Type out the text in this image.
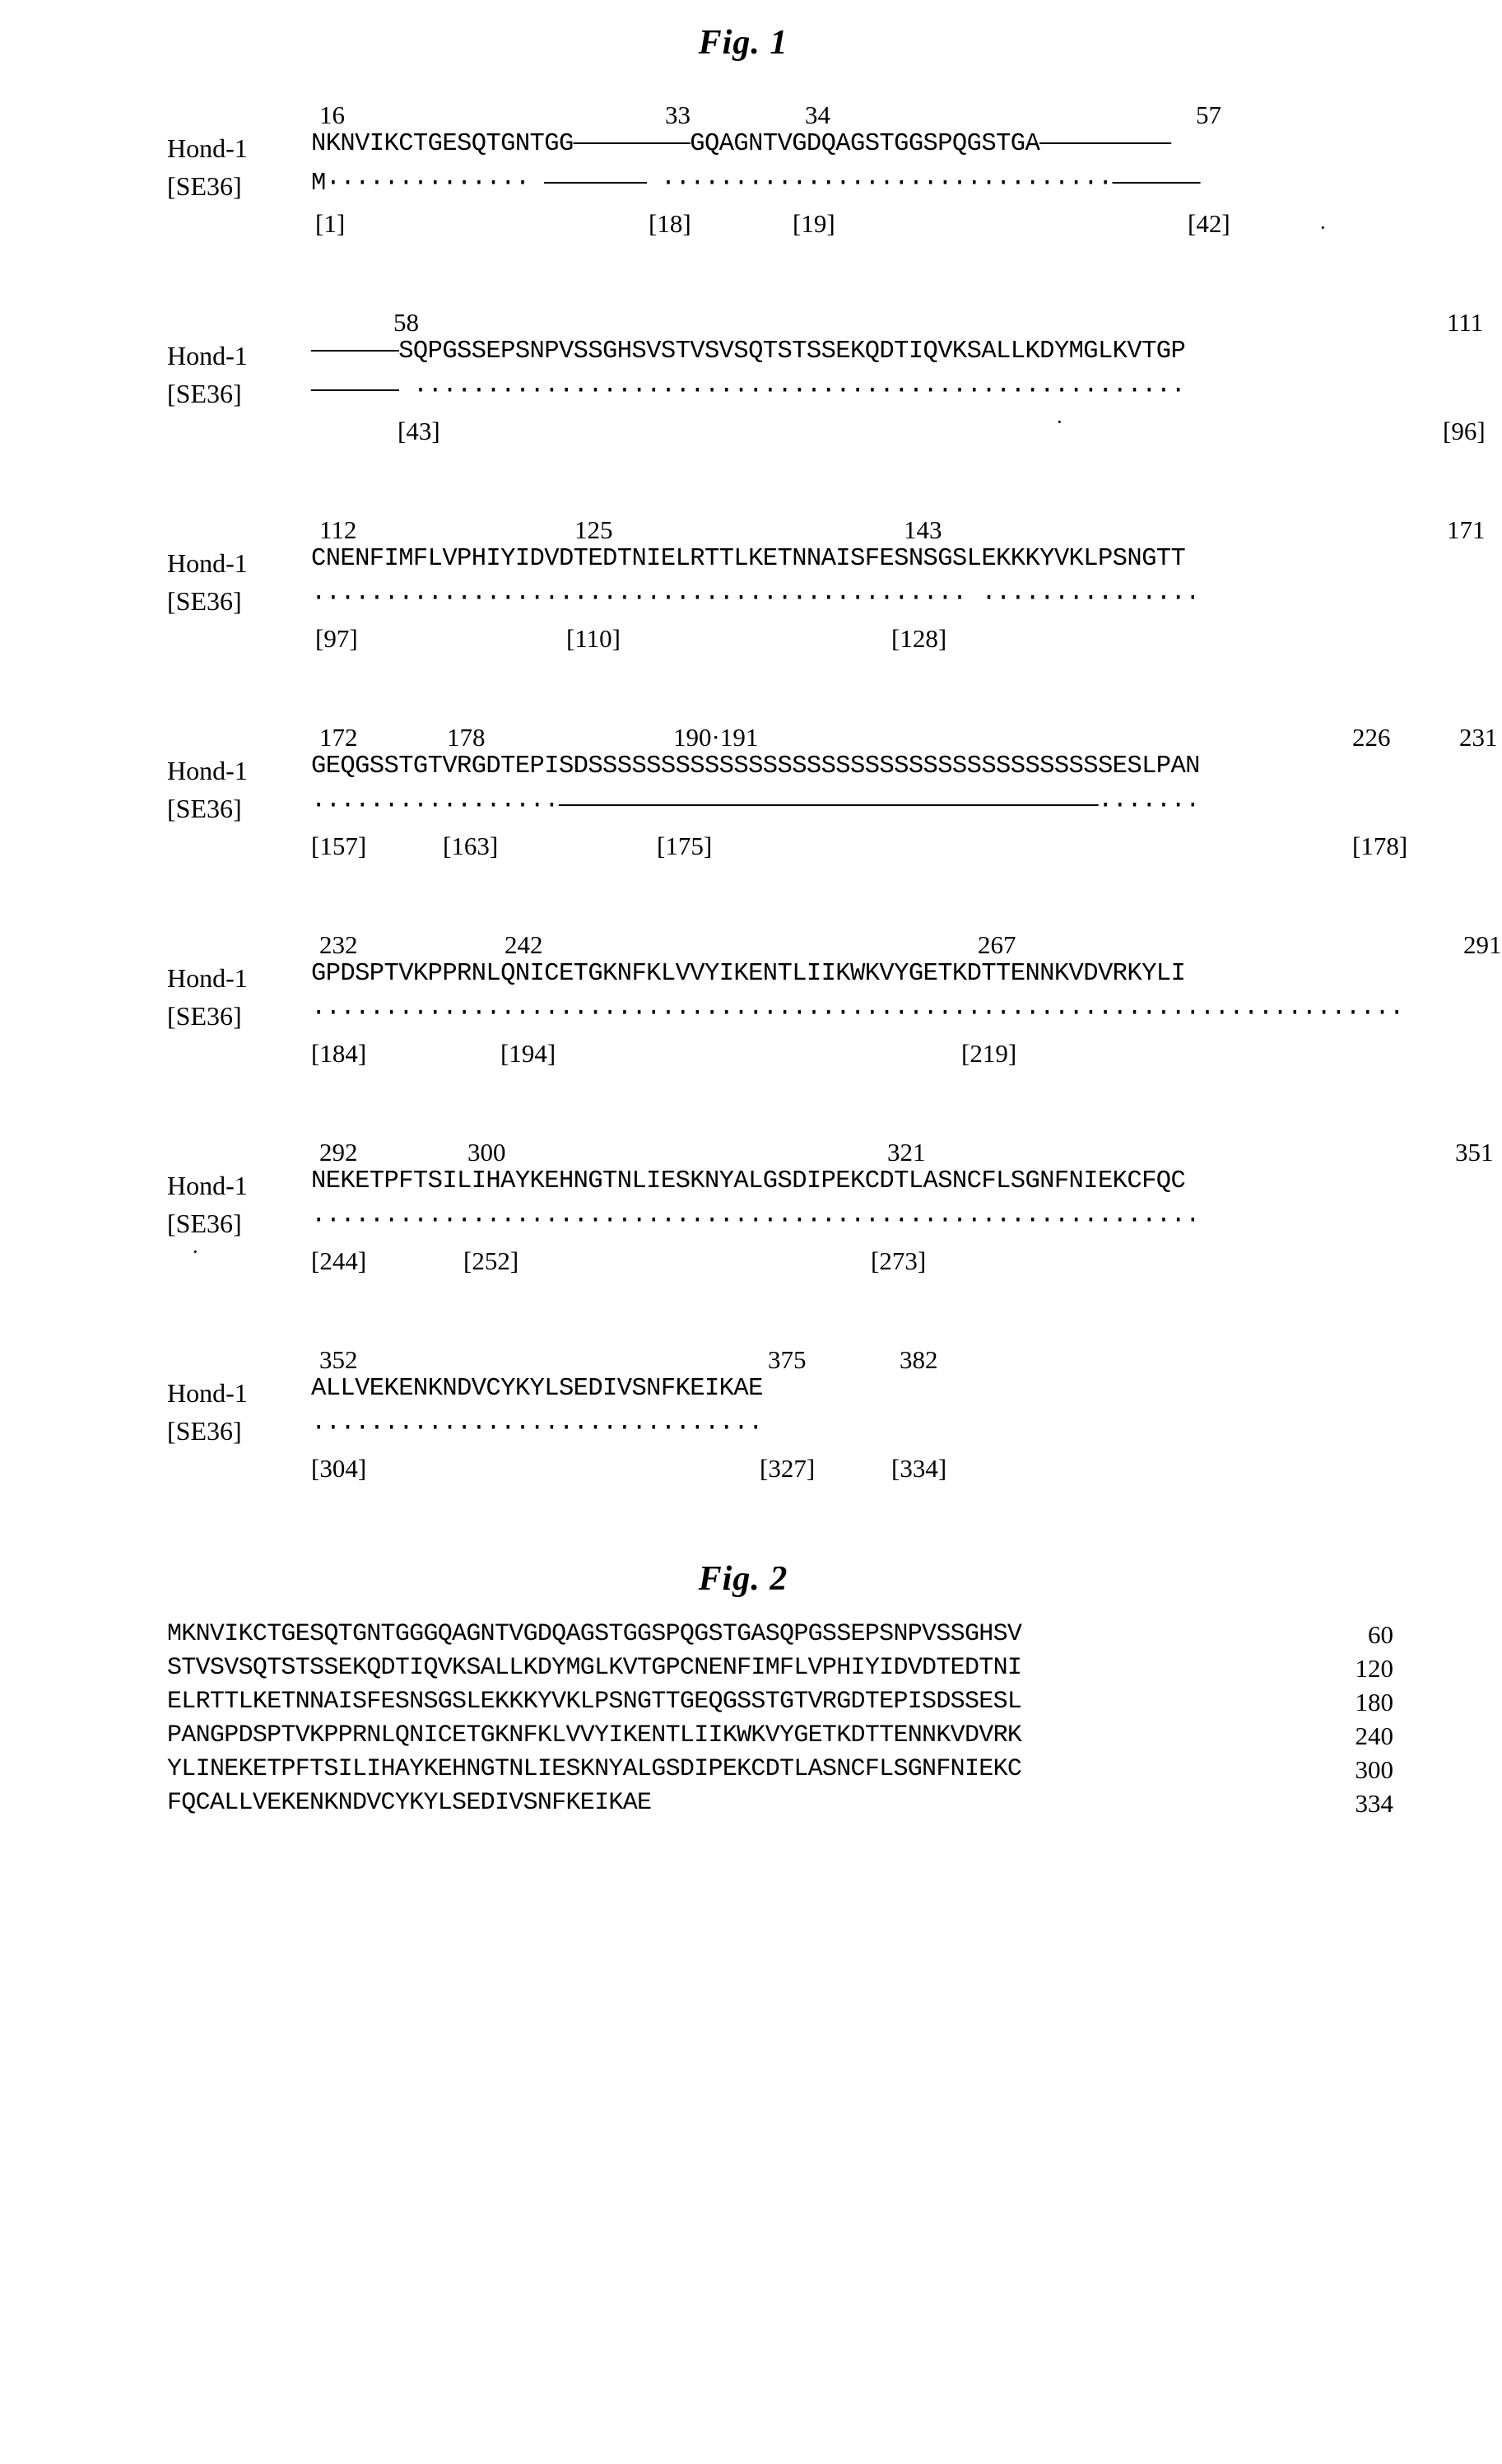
Fig. 1
16	33	34	57
Hond-1	NKNVIKCTGESQTGNTGG————————GQAGNTVGDQAGSTGGSPQGSTGA—————————
[SE36]	M·············· ——————— ·······························——————
[1]	[18]	[19]	[42]	·
58	111
Hond-1	——————SQPGSSEPSNPVSSGHSVSTVSVSQTSTSSEKQDTIQVKSALLKDYMGLKVTGP
[SE36]	—————— ·····················································
[43]	[96]
·
112	125	143	171
Hond-1	CNENFIMFLVPHIYIDVDTEDTNIELRTTLKETNNAISFESNSGSLEKKKYVKLPSNGTT
[SE36]	············································· ···············
[97]	[110]	[128]
172	178	190·191	226	231
Hond-1	GEQGSSTGTVRGDTEPISDSSSSSSSSSSSSSSSSSSSSSSSSSSSSSSSSSSSSESLPAN
[SE36]	·················—————————————————————————————————————·······
[157]	[163]	[175]	[178]
232	242	267	291
Hond-1	GPDSPTVKPPRNLQNICETGKNFKLVVYIKENTLIIKWKVYGETKDTTENNKVDVRKYLI
[SE36]	···········································································
[184]	[194]	[219]
292	300	321	351
Hond-1	NEKETPFTSILIHAYKEHNGTNLIESKNYALGSDIPEKCDTLASNCFLSGNFNIEKCFQC
[SE36]	·····························································
[244]	[252]	[273]
·
352	375	382
Hond-1	ALLVEKENKNDVCYKYLSEDIVSNFKEIKAE
[SE36]	·······························
[304]	[327]	[334]
Fig. 2

MKNVIKCTGESQTGNTGGGQAGNTVGDQAGSTGGSPQGSTGASQPGSSEPSNPVSSGHSV

	60

STVSVSQTSTSSEKQDTIQVKSALLKDYMGLKVTGPCNENFIMFLVPHIYIDVDTEDTNI

	120

ELRTTLKETNNAISFESNSGSLEKKKYVKLPSNGTTGEQGSSTGTVRGDTEPISDSSESL

	180

PANGPDSPTVKPPRNLQNICETGKNFKLVVYIKENTLIIKWKVYGETKDTTENNKVDVRK

	240

YLINEKETPFTSILIHAYKEHNGTNLIESKNYALGSDIPEKCDTLASNCFLSGNFNIEKC

	300

FQCALLVEKENKNDVCYKYLSEDIVSNFKEIKAE

	334
